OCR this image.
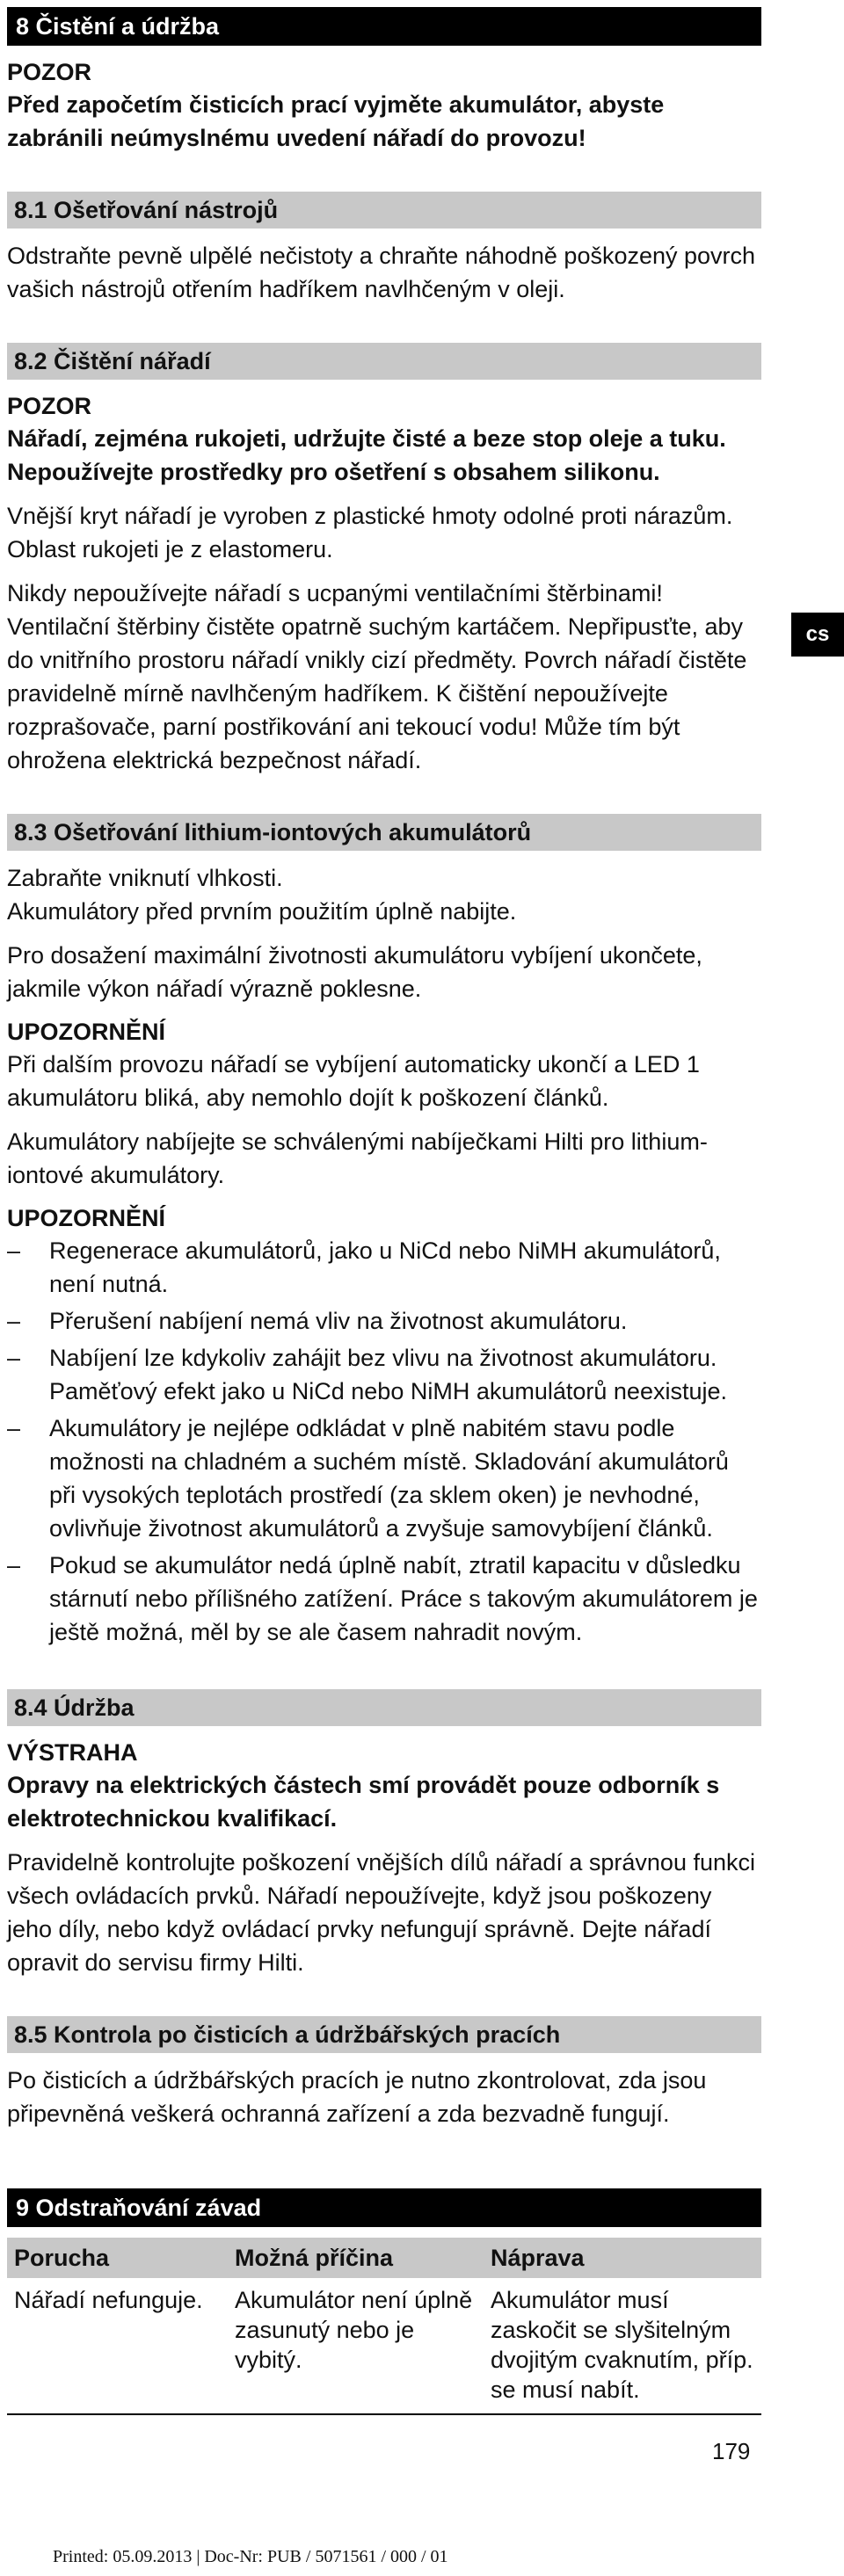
8 Čistění a údržba

POZOR

Před započetím čisticích prací vyjměte akumulátor, abyste zabránili neúmyslnému uvedení nářadí do provozu!

8.1 Ošetřování nástrojů

Odstraňte pevně ulpělé nečistoty a chraňte náhodně poškozený povrch vašich nástrojů otřením hadříkem navlhčeným v oleji.

8.2 Čištění nářadí

POZOR

Nářadí, zejména rukojeti, udržujte čisté a beze stop oleje a tuku. Nepoužívejte prostředky pro ošetření s obsahem silikonu.

Vnější kryt nářadí je vyroben z plastické hmoty odolné proti nárazům. Oblast rukojeti je z elastomeru.

Nikdy nepoužívejte nářadí s ucpanými ventilačními štěrbinami! Ventilační štěrbiny čistěte opatrně suchým kartáčem. Nepřipusťte, aby do vnitřního prostoru nářadí vnikly cizí předměty. Povrch nářadí čistěte pravidelně mírně navlhčeným hadříkem. K čištění nepoužívejte rozprašovače, parní postřikování ani tekoucí vodu! Může tím být ohrožena elektrická bezpečnost nářadí.

8.3 Ošetřování lithium-iontových akumulátorů

Zabraňte vniknutí vlhkosti.

Akumulátory před prvním použitím úplně nabijte.

Pro dosažení maximální životnosti akumulátoru vybíjení ukončete, jakmile výkon nářadí výrazně poklesne.

UPOZORNĚNÍ

Při dalším provozu nářadí se vybíjení automaticky ukončí a LED 1 akumulátoru bliká, aby nemohlo dojít k poškození článků.

Akumulátory nabíjejte se schválenými nabíječkami Hilti pro lithium-iontové akumulátory.

UPOZORNĚNÍ

– Regenerace akumulátorů, jako u NiCd nebo NiMH akumulátorů, není nutná.
– Přerušení nabíjení nemá vliv na životnost akumulátoru.
– Nabíjení lze kdykoliv zahájit bez vlivu na životnost akumulátoru. Paměťový efekt jako u NiCd nebo NiMH akumulátorů neexistuje.
– Akumulátory je nejlépe odkládat v plně nabitém stavu podle možnosti na chladném a suchém místě. Skladování akumulátorů při vysokých teplotách prostředí (za sklem oken) je nevhodné, ovlivňuje životnost akumulátorů a zvyšuje samovybíjení článků.
– Pokud se akumulátor nedá úplně nabít, ztratil kapacitu v důsledku stárnutí nebo přílišného zatížení. Práce s takovým akumulátorem je ještě možná, měl by se ale časem nahradit novým.
8.4 Údržba

VÝSTRAHA

Opravy na elektrických částech smí provádět pouze odborník s elektrotechnickou kvalifikací.

Pravidelně kontrolujte poškození vnějších dílů nářadí a správnou funkci všech ovládacích prvků. Nářadí nepoužívejte, když jsou poškozeny jeho díly, nebo když ovládací prvky nefungují správně. Dejte nářadí opravit do servisu firmy Hilti.

8.5 Kontrola po čisticích a údržbářských pracích

Po čisticích a údržbářských pracích je nutno zkontrolovat, zda jsou připevněná veškerá ochranná zařízení a zda bezvadně fungují.

9 Odstraňování závad
Porucha	Možná příčina	Náprava
Nářadí nefunguje.	Akumulátor není úplně zasunutý nebo je vybitý.	Akumulátor musí zaskočit se slyšitelným dvojitým cvaknutím, příp. se musí nabít.
cs
179
Printed: 05.09.2013 | Doc-Nr: PUB / 5071561 / 000 / 01
